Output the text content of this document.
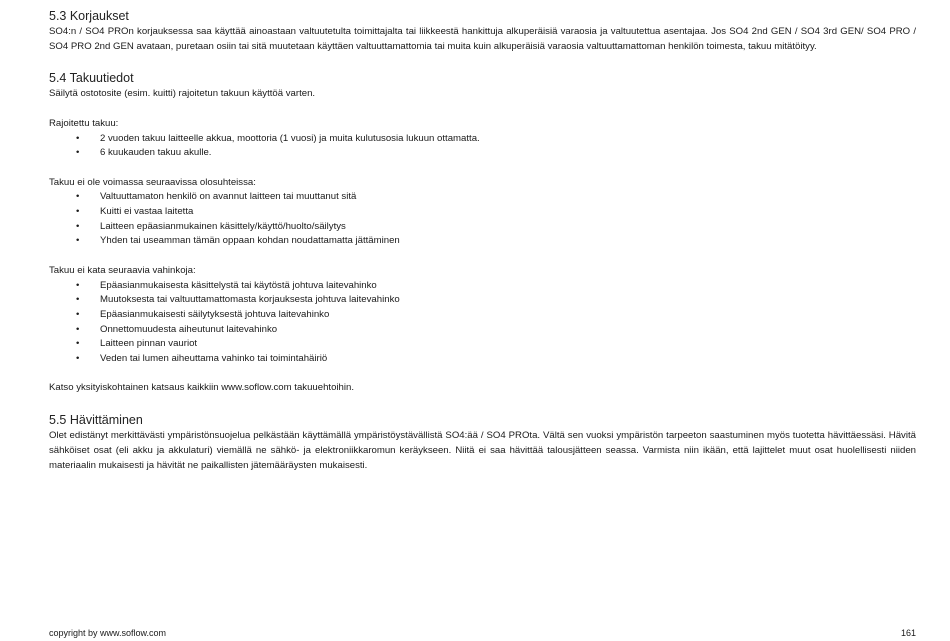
5.3 Korjaukset

SO4:n / SO4 PROn korjauksessa saa käyttää ainoastaan valtuutetulta toimittajalta tai liikkeestä hankittuja alkuperäisiä varaosia ja valtuutettua asentajaa. Jos SO4 2nd GEN / SO4 3rd GEN/ SO4 PRO / SO4 PRO 2nd GEN avataan, puretaan osiin tai sitä muutetaan käyttäen valtuuttamattomia tai muita kuin alkuperäisiä varaosia valtuuttamattoman henkilön toimesta, takuu mitätöityy.

5.4 Takuutiedot

Säilytä ostotosite (esim. kuitti) rajoitetun takuun käyttöä varten.

Rajoitettu takuu:

• 2 vuoden takuu laitteelle akkua, moottoria (1 vuosi) ja muita kulutusosia lukuun ottamatta.
• 6 kuukauden takuu akulle.

Takuu ei ole voimassa seuraavissa olosuhteissa:

• Valtuuttamaton henkilö on avannut laitteen tai muuttanut sitä
• Kuitti ei vastaa laitetta
• Laitteen epäasianmukainen käsittely/käyttö/huolto/säilytys
• Yhden tai useamman tämän oppaan kohdan noudattamatta jättäminen

Takuu ei kata seuraavia vahinkoja:

• Epäasianmukaisesta käsittelystä tai käytöstä johtuva laitevahinko
• Muutoksesta tai valtuuttamattomasta korjauksesta johtuva laitevahinko
• Epäasianmukaisesti säilytyksestä johtuva laitevahinko
• Onnettomuudesta aiheutunut laitevahinko
• Laitteen pinnan vauriot
• Veden tai lumen aiheuttama vahinko tai toimintahäiriö

Katso yksityiskohtainen katsaus kaikkiin www.soflow.com takuuehtoihin.

5.5 Hävittäminen

Olet edistänyt merkittävästi ympäristönsuojelua pelkästään käyttämällä ympäristöystävällistä SO4:ää / SO4 PROta. Vältä sen vuoksi ympäristön tarpeeton saastuminen myös tuotetta hävittäessäsi. Hävitä sähköiset osat (eli akku ja akkulaturi) viemällä ne sähkö- ja elektroniikkaromun keräykseen. Niitä ei saa hävittää talousjätteen seassa. Varmista niin ikään, että lajittelet muut osat huolellisesti niiden materiaalin mukaisesti ja hävität ne paikallisten jätemääräysten mukaisesti.

copyright by www.soflow.com	161
